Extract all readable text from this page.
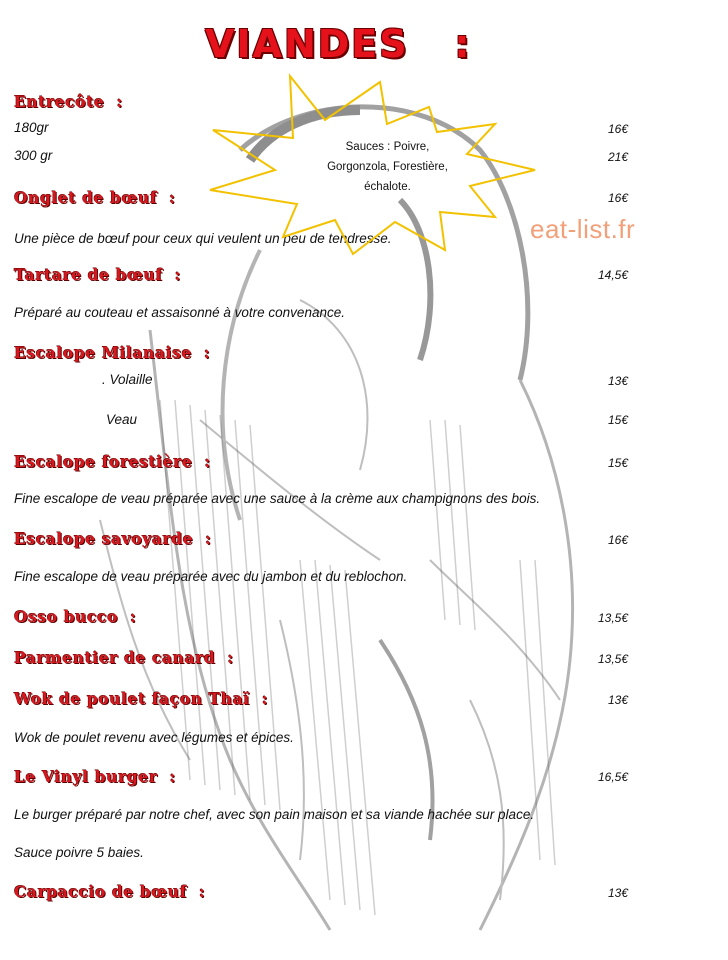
VIANDES   :
Sauces : Poivre,
Gorgonzola, Forestière,
échalote.
eat-list.fr
Entrecôte  :
180gr	16€
300 gr	21€
Onglet de bœuf  :	16€
Une pièce de bœuf pour ceux qui veulent un peu de tendresse.
Tartare de bœuf  :	14,5€
Préparé au couteau et assaisonné à votre convenance.
Escalope Milanaise  :
. Volaille	13€
Veau	15€
Escalope forestière  :	15€
Fine escalope de veau préparée avec une sauce à la crème aux champignons des bois.
Escalope savoyarde  :	16€
Fine escalope de veau préparée avec du jambon et du reblochon.
Osso bucco  :	13,5€
Parmentier de canard  :	13,5€
Wok de poulet façon Thaï  :	13€
Wok de poulet revenu avec légumes et épices.
Le Vinyl burger  :	16,5€
Le burger préparé par notre chef, avec son pain maison et sa viande hachée sur place.
Sauce poivre 5 baies.
Carpaccio de bœuf  :	13€
